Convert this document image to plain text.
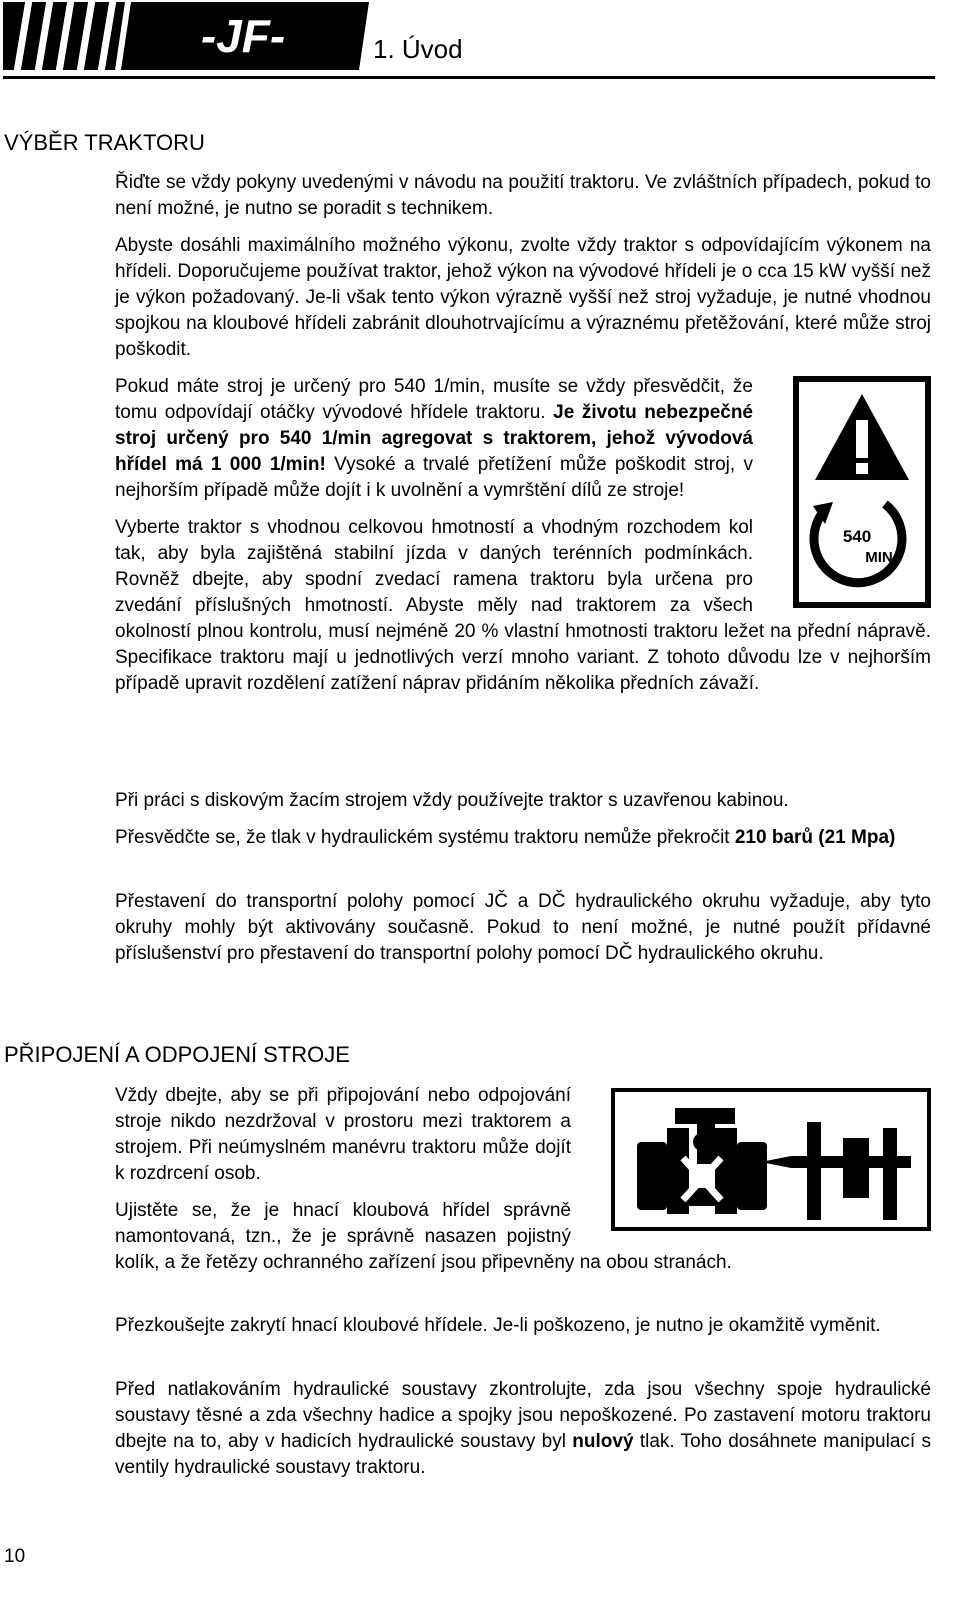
-JF-	1. Úvod
VÝBĚR TRAKTORU

Řiďte se vždy pokyny uvedenými v návodu na použití traktoru. Ve zvláštních případech, pokud to není možné, je nutno se poradit s technikem.

Abyste dosáhli maximálního možného výkonu, zvolte vždy traktor s odpovídajícím výkonem na hřídeli. Doporučujeme používat traktor, jehož výkon na vývodové hřídeli je o cca 15 kW vyšší než je výkon požadovaný. Je-li však tento výkon výrazně vyšší než stroj vyžaduje, je nutné vhodnou spojkou na kloubové hřídeli zabránit dlouhotrvajícímu a výraznému přetěžování, které může stroj poškodit.

540
MIN
Pokud máte stroj je určený pro 540 1/min, musíte se vždy přesvědčit, že tomu odpovídají otáčky vývodové hřídele traktoru. Je životu nebezpečné stroj určený pro 540 1/min agregovat s traktorem, jehož vývodová hřídel má 1 000 1/min! Vysoké a trvalé přetížení může poškodit stroj, v nejhorším případě může dojít i k uvolnění a vymrštění dílů ze stroje!
Vyberte traktor s vhodnou celkovou hmotností a vhodným rozchodem kol tak, aby byla zajištěná stabilní jízda v daných terénních podmínkách. Rovněž dbejte, aby spodní zvedací ramena traktoru byla určena pro zvedání příslušných hmotností. Abyste měly nad traktorem za všech okolností plnou kontrolu, musí nejméně 20 % vlastní hmotnosti traktoru ležet na přední nápravě. Specifikace traktoru mají u jednotlivých verzí mnoho variant. Z tohoto důvodu lze v nejhorším případě upravit rozdělení zatížení náprav přidáním několika předních závaží.

Při práci s diskovým žacím strojem vždy používejte traktor s uzavřenou kabinou.

Přesvědčte se, že tlak v hydraulickém systému traktoru nemůže překročit 210 barů (21 Mpa)

Přestavení do transportní polohy pomocí JČ a DČ hydraulického okruhu vyžaduje, aby tyto okruhy mohly být aktivovány současně. Pokud to není možné, je nutné použít přídavné příslušenství pro přestavení do transportní polohy pomocí DČ hydraulického okruhu.

PŘIPOJENÍ A ODPOJENÍ STROJE
Vždy dbejte, aby se při připojování nebo odpojování stroje nikdo nezdržoval v prostoru mezi traktorem a strojem. Při neúmyslném manévru traktoru může dojít k rozdrcení osob.
Ujistěte se, že je hnací kloubová hřídel správně namontovaná, tzn., že je správně nasazen pojistný kolík, a že řetězy ochranného zařízení jsou připevněny na obou stranách.

Přezkoušejte zakrytí hnací kloubové hřídele. Je-li poškozeno, je nutno je okamžitě vyměnit.

Před natlakováním hydraulické soustavy zkontrolujte, zda jsou všechny spoje hydraulické soustavy těsné a zda všechny hadice a spojky jsou nepoškozené. Po zastavení motoru traktoru dbejte na to, aby v hadicích hydraulické soustavy byl nulový tlak. Toho dosáhnete manipulací s ventily hydraulické soustavy traktoru.

10
